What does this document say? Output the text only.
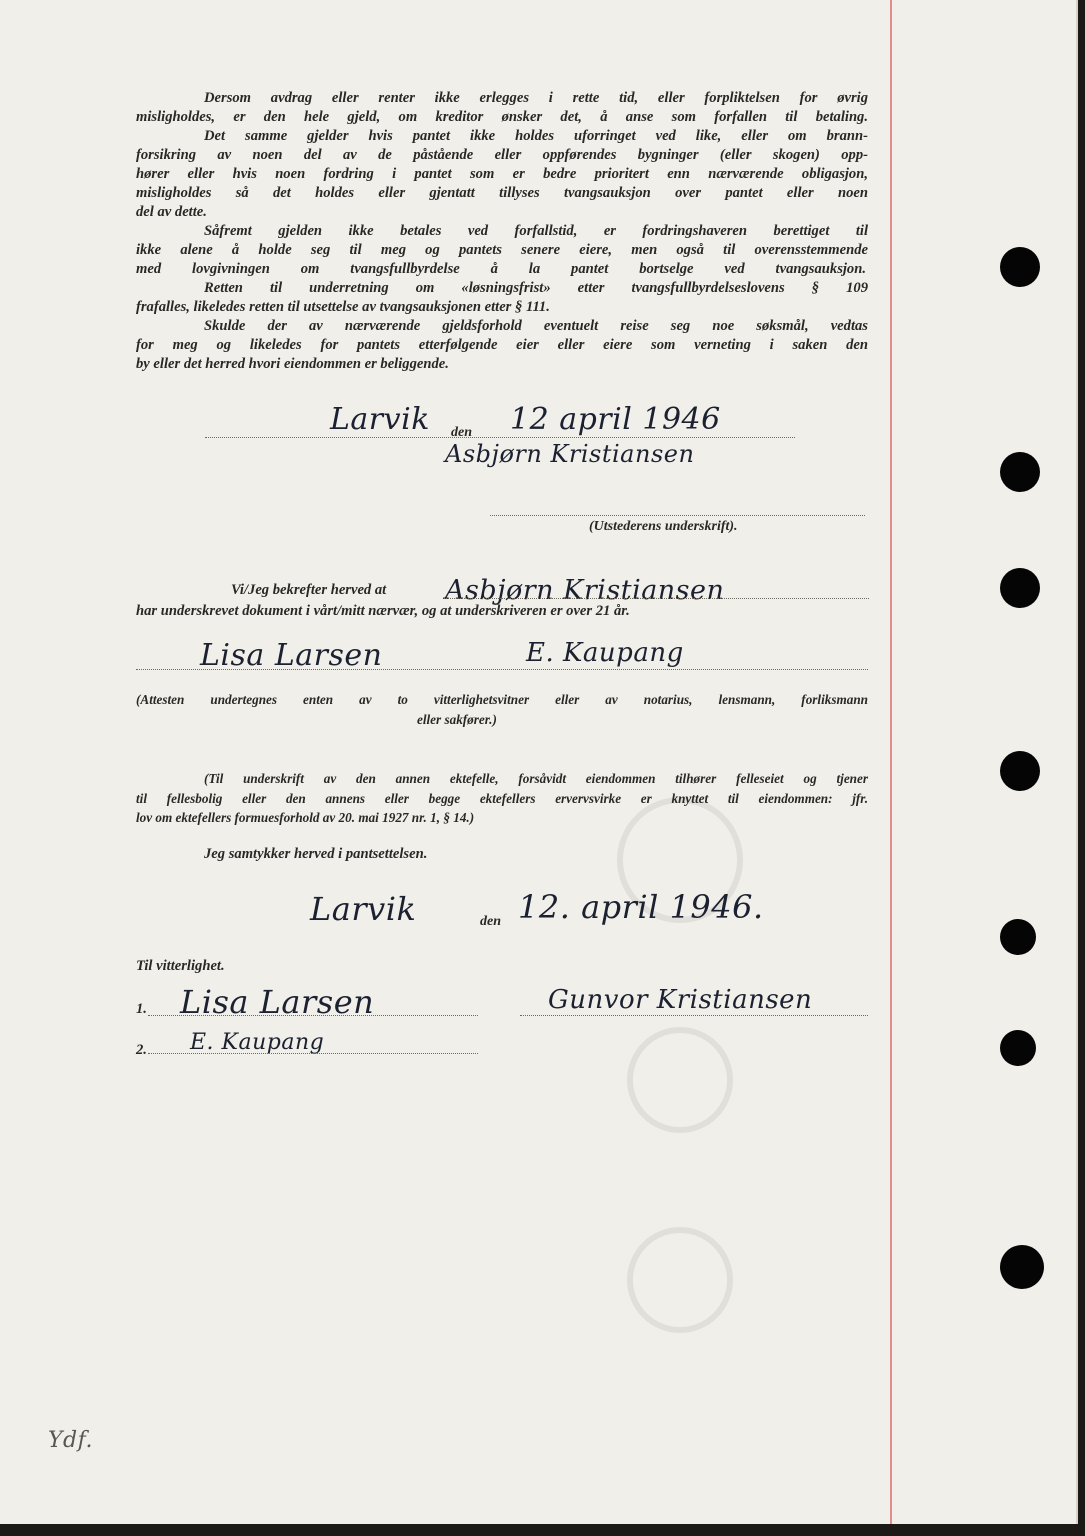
Dersom avdrag eller renter ikke erlegges i rette tid, eller forpliktelsen for øvrig
misligholdes, er den hele gjeld, om kreditor ønsker det, å anse som forfallen til betaling.
Det samme gjelder hvis pantet ikke holdes uforringet ved like, eller om brann-
forsikring av noen del av de påstående eller oppførendes bygninger (eller skogen) opp-
hører eller hvis noen fordring i pantet som er bedre prioritert enn nærværende obligasjon,
misligholdes så det holdes eller gjentatt tillyses tvangsauksjon over pantet eller noen
del av dette.
Såfremt gjelden ikke betales ved forfallstid, er fordringshaveren berettiget til
ikke alene å holde seg til meg og pantets senere eiere, men også til overensstemmende
med lovgivningen om tvangsfullbyrdelse å la pantet bortselge ved tvangsauksjon.
Retten til underretning om «løsningsfrist» etter tvangsfullbyrdelseslovens § 109
frafalles, likeledes retten til utsettelse av tvangsauksjonen etter § 111.
Skulde der av nærværende gjeldsforhold eventuelt reise seg noe søksmål, vedtas
for meg og likeledes for pantets etterfølgende eier eller eiere som verneting i saken den
by eller det herred hvori eiendommen er beliggende.
Larvik den 12 april 1946
Asbjørn Kristiansen
(Utstederens underskrift).
Vi/Jeg bekrefter herved at Asbjørn Kristiansen
har underskrevet dokument i vårt/mitt nærvær, og at underskriveren er over 21 år.
Lisa Larsen	E. Kaupang
(Attesten undertegnes enten av to vitterlighetsvitner eller av notarius, lensmann, forliksmann
eller sakfører.)
(Til underskrift av den annen ektefelle, forsåvidt eiendommen tilhører felleseiet og tjener
til fellesbolig eller den annens eller begge ektefellers ervervsvirke er knyttet til eiendommen: jfr.
lov om ektefellers formuesforhold av 20. mai 1927 nr. 1, § 14.)
Jeg samtykker herved i pantsettelsen.
Larvik	den 12. april 1946.
Til vitterlighet.
1. Lisa Larsen
2. E. Kaupang
Gunvor Kristiansen
Ydf.
